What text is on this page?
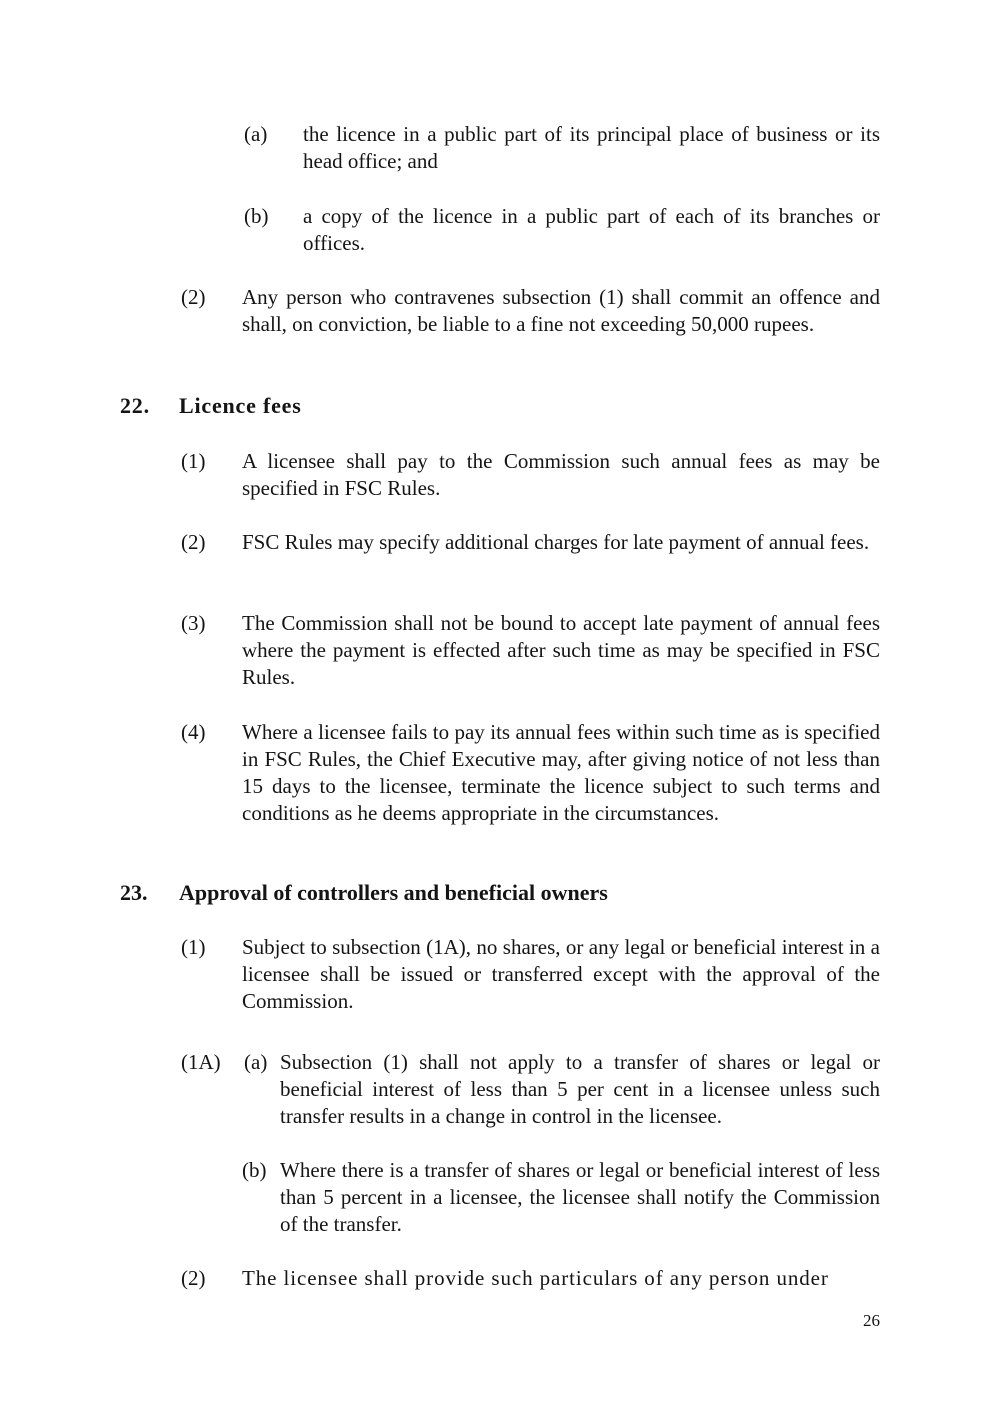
(a) the licence in a public part of its principal place of business or its head office; and
(b) a copy of the licence in a public part of each of its branches or offices.
(2) Any person who contravenes subsection (1) shall commit an offence and shall, on conviction, be liable to a fine not exceeding 50,000 rupees.
22. Licence fees
(1) A licensee shall pay to the Commission such annual fees as may be specified in FSC Rules.
(2) FSC Rules may specify additional charges for late payment of annual fees.
(3) The Commission shall not be bound to accept late payment of annual fees where the payment is effected after such time as may be specified in FSC Rules.
(4) Where a licensee fails to pay its annual fees within such time as is specified in FSC Rules, the Chief Executive may, after giving notice of not less than 15 days to the licensee, terminate the licence subject to such terms and conditions as he deems appropriate in the circumstances.
23. Approval of controllers and beneficial owners
(1) Subject to subsection (1A), no shares, or any legal or beneficial interest in a licensee shall be issued or transferred except with the approval of the Commission.
(1A) (a) Subsection (1) shall not apply to a transfer of shares or legal or beneficial interest of less than 5 per cent in a licensee unless such transfer results in a change in control in the licensee.
(b) Where there is a transfer of shares or legal or beneficial interest of less than 5 percent in a licensee, the licensee shall notify the Commission of the transfer.
(2) The licensee shall provide such particulars of any person under
26
